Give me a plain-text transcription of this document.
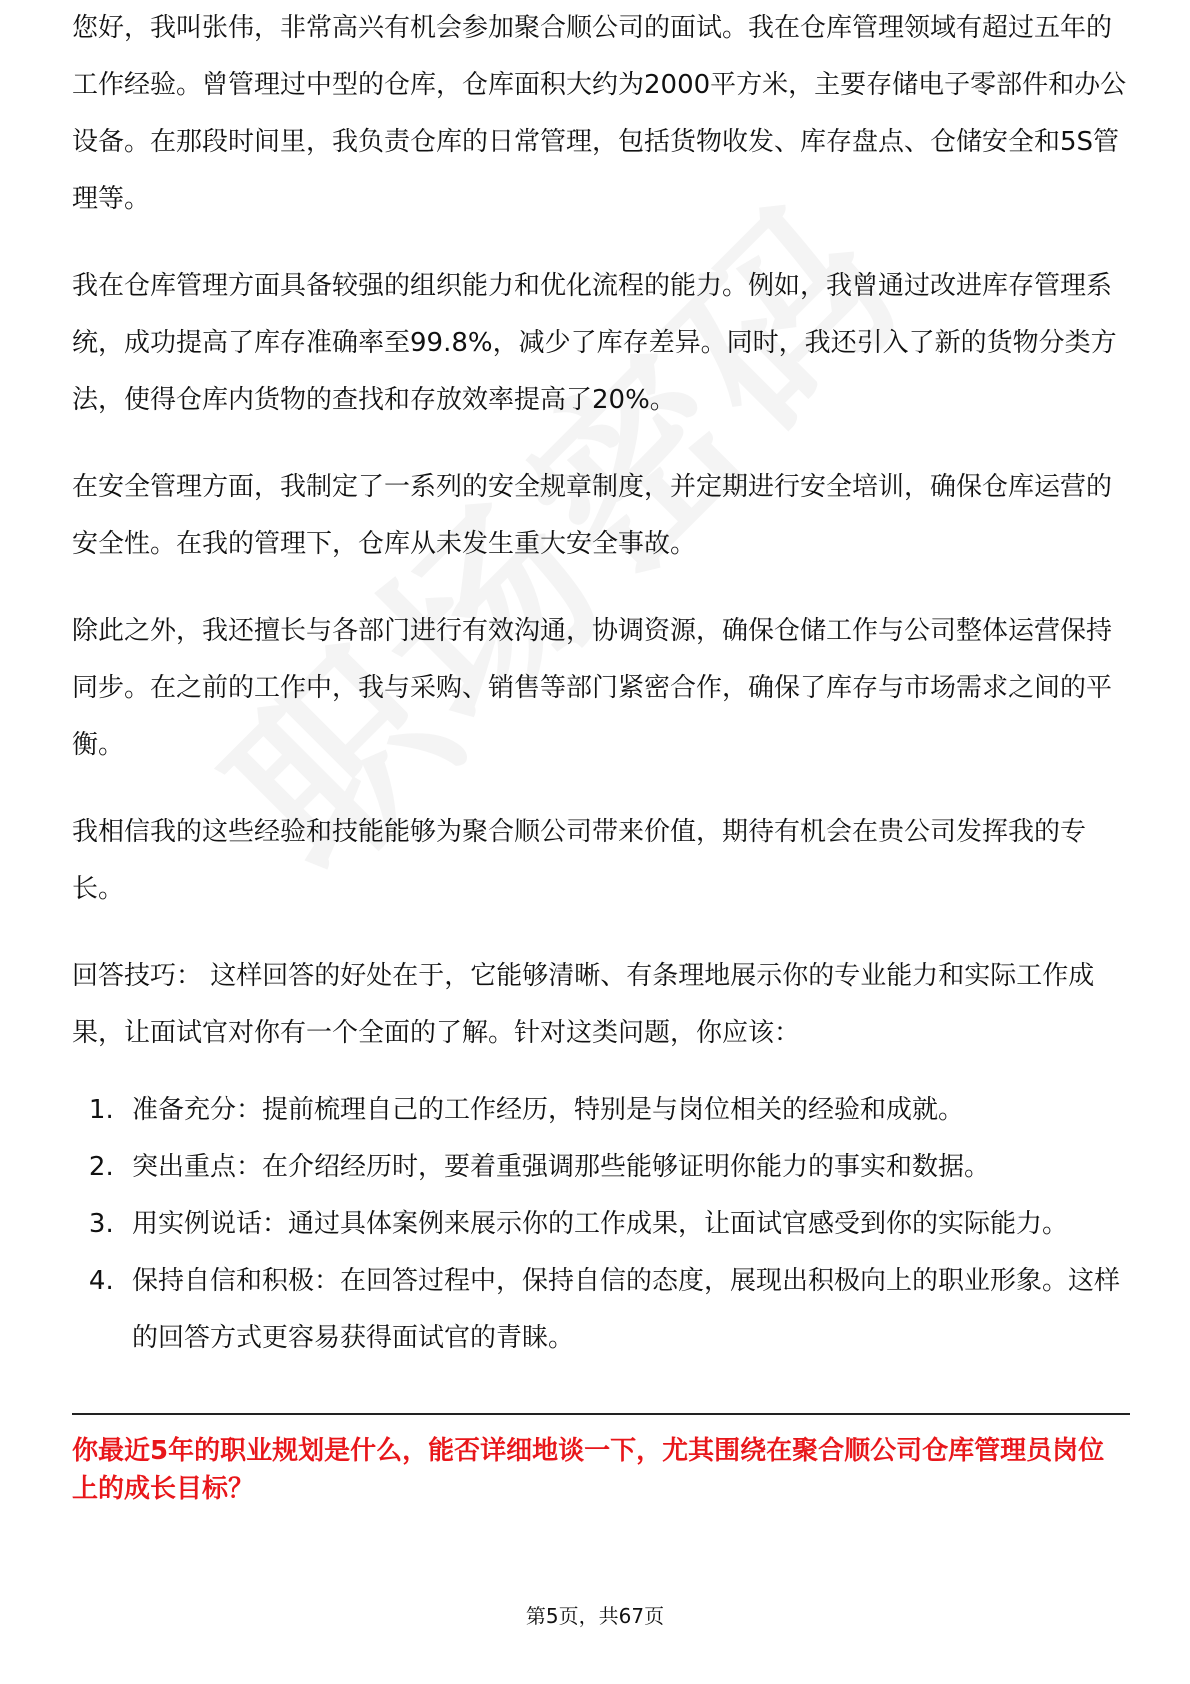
您好，我叫张伟，非常高兴有机会参加聚合顺公司的面试。我在仓库管理领域有超过五年的工作经验。曾管理过中型的仓库，仓库面积大约为2000平方米，主要存储电子零部件和办公设备。在那段时间里，我负责仓库的日常管理，包括货物收发、库存盘点、仓储安全和5S管理等。

我在仓库管理方面具备较强的组织能力和优化流程的能力。例如，我曾通过改进库存管理系统，成功提高了库存准确率至99.8%，减少了库存差异。同时，我还引入了新的货物分类方法，使得仓库内货物的查找和存放效率提高了20%。

在安全管理方面，我制定了一系列的安全规章制度，并定期进行安全培训，确保仓库运营的安全性。在我的管理下，仓库从未发生重大安全事故。

除此之外，我还擅长与各部门进行有效沟通，协调资源，确保仓储工作与公司整体运营保持同步。在之前的工作中，我与采购、销售等部门紧密合作，确保了库存与市场需求之间的平衡。

我相信我的这些经验和技能能够为聚合顺公司带来价值，期待有机会在贵公司发挥我的专长。

回答技巧： 这样回答的好处在于，它能够清晰、有条理地展示你的专业能力和实际工作成果，让面试官对你有一个全面的了解。针对这类问题，你应该：

1. 准备充分：提前梳理自己的工作经历，特别是与岗位相关的经验和成就。
2. 突出重点：在介绍经历时，要着重强调那些能够证明你能力的事实和数据。
3. 用实例说话：通过具体案例来展示你的工作成果，让面试官感受到你的实际能力。
4. 保持自信和积极：在回答过程中，保持自信的态度，展现出积极向上的职业形象。这样的回答方式更容易获得面试官的青睐。
你最近5年的职业规划是什么，能否详细地谈一下，尤其围绕在聚合顺公司仓库管理员岗位上的成长目标？
第5页，共67页
